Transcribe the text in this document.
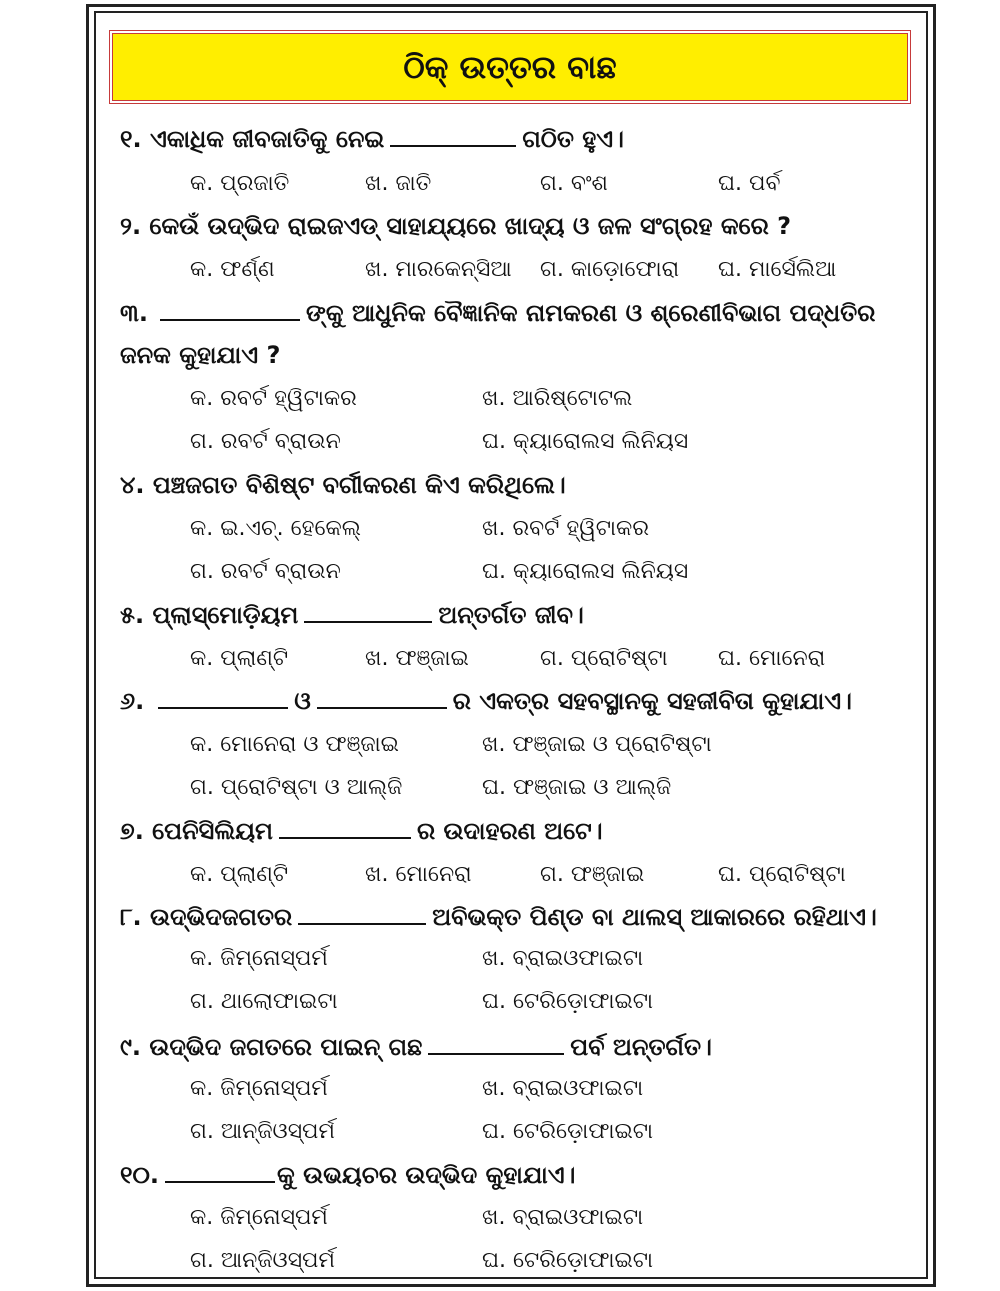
ଠିକ୍ ଉତ୍ତର ବାଛ
୧. ଏକାଧିକ ଜୀବଜାତିକୁ ନେଇ	ଗଠିତ ହୁଏ।
କ. ପ୍ରଜାତି	ଖ. ଜାତି	ଗ. ବଂଶ	ଘ. ପର୍ବ
୨. କେଉଁ ଉଦ୍ଭିଦ ରାଇଜଏଡ୍ ସାହାଯ୍ୟରେ ଖାଦ୍ୟ ଓ ଜଳ ସଂଗ୍ରହ କରେ ?
କ. ଫର୍ଣ୍ଣ	ଖ. ମାରକେନ୍ସିଆ ଗ. କାଡ଼ୋଫୋରା ଘ. ମାର୍ସେଲିଆ
୩.	ଙ୍କୁ ଆଧୁନିକ ବୈଜ୍ଞାନିକ ନାମକରଣ ଓ ଶ୍ରେଣୀବିଭାଗ ପଦ୍ଧତିର
ଜନକ କୁହାଯାଏ ?
କ. ରବର୍ଟ ହ୍ୱିଟାକର	ଖ. ଆରିଷ୍ଟୋଟଲ
ଗ. ରବର୍ଟ ବ୍ରାଉନ	ଘ. କ୍ୟାରୋଲସ ଲିନିୟସ
୪. ପଞ୍ଚଜଗତ ବିଶିଷ୍ଟ ବର୍ଗୀକରଣ କିଏ କରିଥିଲେ।
କ. ଇ.ଏଚ୍. ହେକେଲ୍	ଖ. ରବର୍ଟ ହ୍ୱିଟାକର
ଗ. ରବର୍ଟ ବ୍ରାଉନ	ଘ. କ୍ୟାରୋଲସ ଲିନିୟସ
୫. ପ୍ଲାସ୍‌ମୋଡ଼ିୟମ	ଅନ୍ତର୍ଗତ ଜୀବ।
କ. ପ୍ଲାଣ୍ଟି	ଖ. ଫଞ୍ଜାଇ	ଗ. ପ୍ରୋଟିଷ୍ଟା ଘ. ମୋନେରା
୬.	ଓ	ର ଏକତ୍ର ସହବସ୍ଥାନକୁ ସହଜୀବିତା କୁହାଯାଏ।
କ. ମୋନେରା ଓ ଫଞ୍ଜାଇ	ଖ. ଫଞ୍ଜାଇ ଓ ପ୍ରୋଟିଷ୍ଟା
ଗ. ପ୍ରୋଟିଷ୍ଟା ଓ ଆଲ୍‌ଜି	ଘ. ଫଞ୍ଜାଇ ଓ ଆଲ୍‌ଜି
୭. ପେନିସିଲିୟମ	ର ଉଦାହରଣ ଅଟେ।
କ. ପ୍ଲାଣ୍ଟି	ଖ. ମୋନେରା	ଗ. ଫଞ୍ଜାଇ	ଘ. ପ୍ରୋଟିଷ୍ଟା
୮. ଉଦ୍ଭିଦଜଗତର	ଅବିଭକ୍ତ ପିଣ୍ଡ ବା ଥାଲସ୍ ଆକାରରେ ରହିଥାଏ।
କ. ଜିମ୍‌ନୋସ୍ପର୍ମ	ଖ. ବ୍ରାଇଓଫାଇଟା
ଗ. ଥାଲୋଫାଇଟା	ଘ. ଟେରିଡ଼ୋଫାଇଟା
୯. ଉଦ୍ଭିଦ ଜଗତରେ ପାଇନ୍ ଗଛ	ପର୍ବ ଅନ୍ତର୍ଗତ।
କ. ଜିମ୍‌ନୋସ୍ପର୍ମ	ଖ. ବ୍ରାଇଓଫାଇଟା
ଗ. ଆନ୍‌ଜିଓସ୍ପର୍ମ	ଘ. ଟେରିଡ଼ୋଫାଇଟା
୧୦.	କୁ ଉଭୟଚର ଉଦ୍ଭିଦ କୁହାଯାଏ।
କ. ଜିମ୍‌ନୋସ୍ପର୍ମ	ଖ. ବ୍ରାଇଓଫାଇଟା
ଗ. ଆନ୍‌ଜିଓସ୍ପର୍ମ	ଘ. ଟେରିଡ଼ୋଫାଇଟା
